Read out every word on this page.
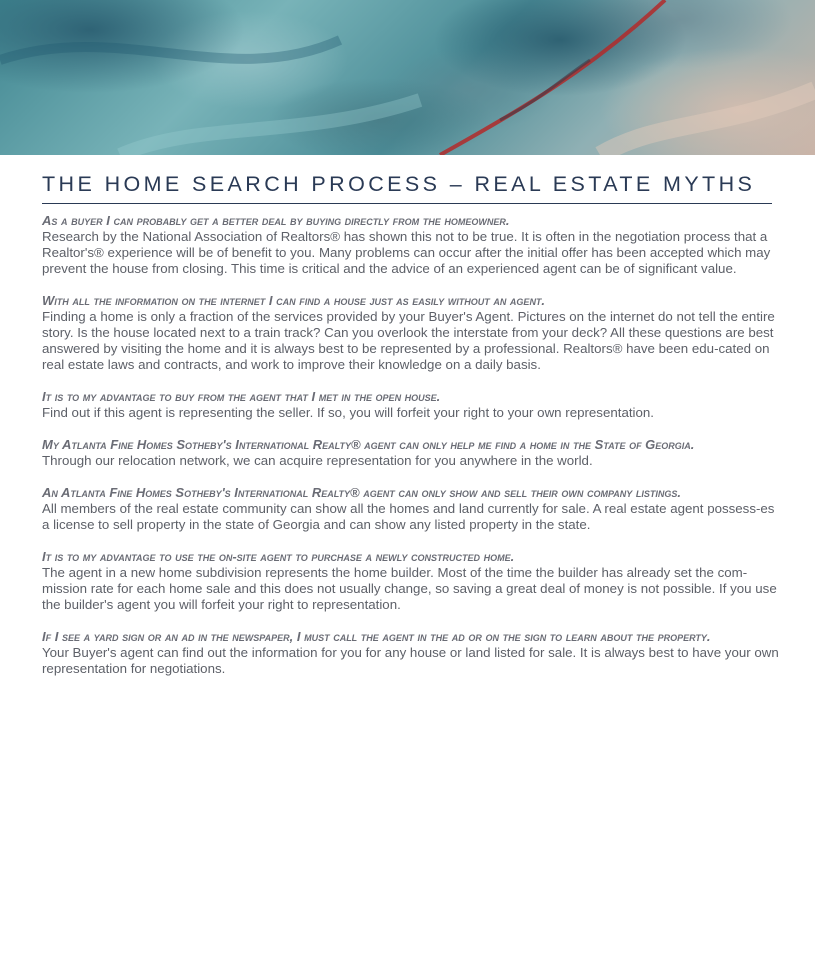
THE HOME SEARCH PROCESS – REAL ESTATE MYTHS
As a buyer I can probably get a better deal by buying directly from the homeowner.
Research by the National Association of Realtors® has shown this not to be true. It is often in the negotiation process that a Realtor's® experience will be of benefit to you. Many problems can occur after the initial offer has been accepted which may prevent the house from closing. This time is critical and the advice of an experienced agent can be of significant value.
With all the information on the internet I can find a house just as easily without an agent.
Finding a home is only a fraction of the services provided by your Buyer's Agent. Pictures on the internet do not tell the entire story. Is the house located next to a train track? Can you overlook the interstate from your deck? All these questions are best answered by visiting the home and it is always best to be represented by a professional. Realtors® have been edu-cated on real estate laws and contracts, and work to improve their knowledge on a daily basis.
It is to my advantage to buy from the agent that I met in the open house.
Find out if this agent is representing the seller. If so, you will forfeit your right to your own representation.
My Atlanta Fine Homes Sotheby's International Realty® agent can only help me find a home in the State of Georgia.
Through our relocation network, we can acquire representation for you anywhere in the world.
An Atlanta Fine Homes Sotheby's International Realty® agent can only show and sell their own company listings.
All members of the real estate community can show all the homes and land currently for sale. A real estate agent possess-es a license to sell property in the state of Georgia and can show any listed property in the state.
It is to my advantage to use the on-site agent to purchase a newly constructed home.
The agent in a new home subdivision represents the home builder. Most of the time the builder has already set the com-mission rate for each home sale and this does not usually change, so saving a great deal of money is not possible. If you use the builder's agent you will forfeit your right to representation.
If I see a yard sign or an ad in the newspaper, I must call the agent in the ad or on the sign to learn about the property.
Your Buyer's agent can find out the information for you for any house or land listed for sale. It is always best to have your own representation for negotiations.
